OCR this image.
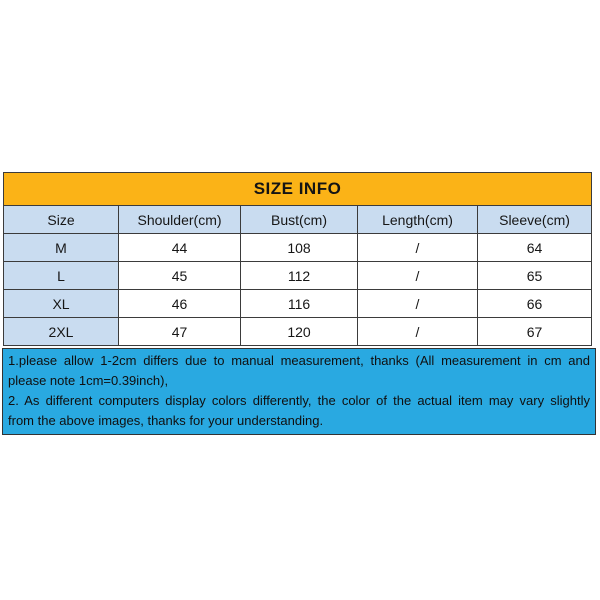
SIZE INFO				
Size	Shoulder(cm)	Bust(cm)	Length(cm)	Sleeve(cm)
M	44	108	/	64
L	45	112	/	65
XL	46	116	/	66
2XL	47	120	/	67
1.please allow 1-2cm differs due to manual measurement, thanks (All measurement in cm and
please note 1cm=0.39inch),
2. As different computers display colors differently, the color of the actual item may vary slightly
from the above images, thanks for your understanding.
